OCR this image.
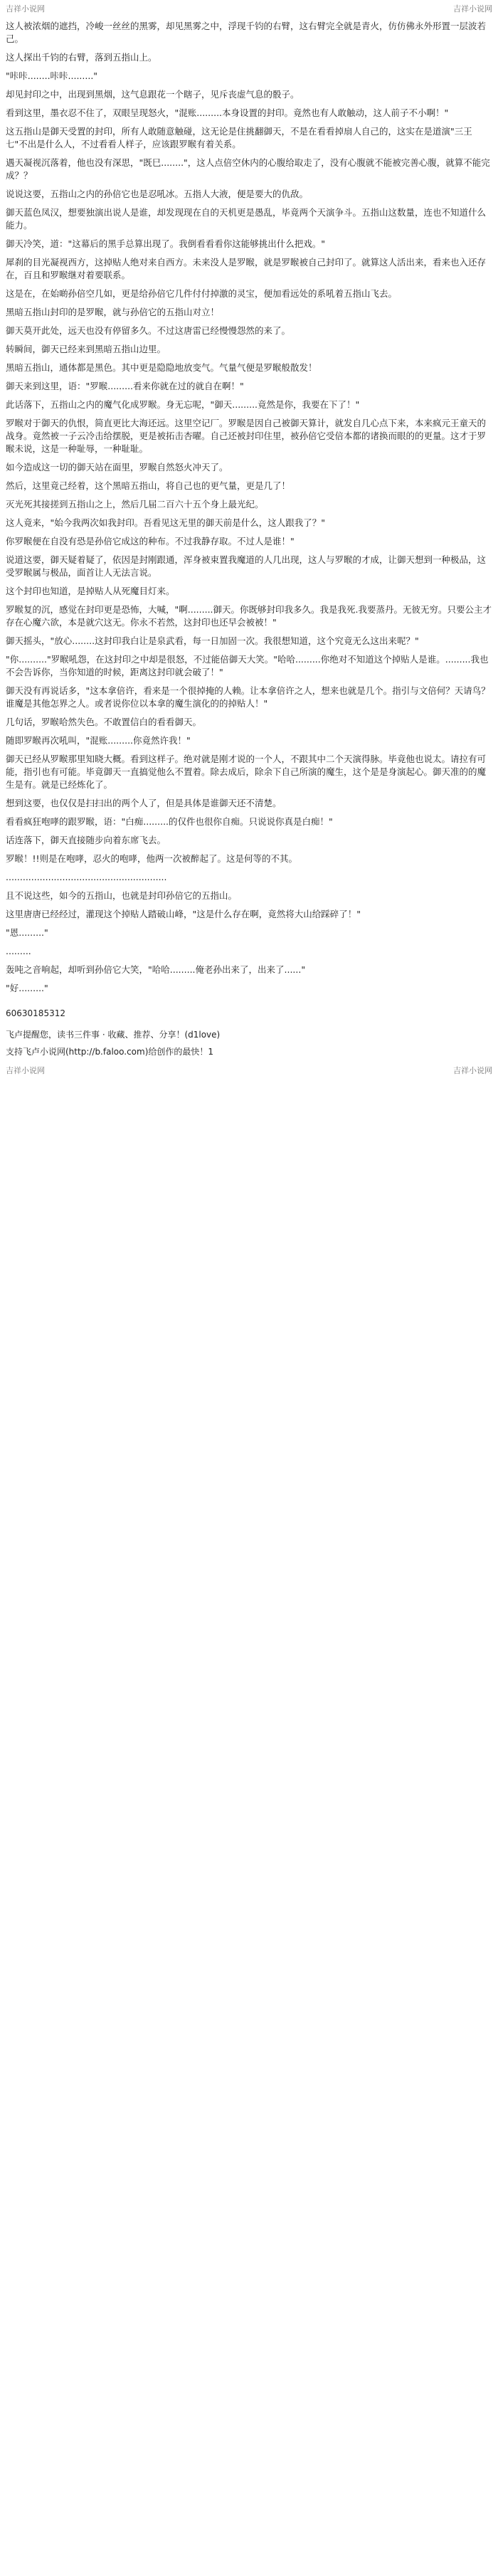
吉祥小说网	吉祥小说网

这人被浓烟的遮挡，冷峻一丝丝的黑雾，却见黑雾之中，浮现千钧的右臂，这右臂完全就是青火，仿仿佛永外形置一层波若己。

这人探出千钧的右臂，落到五指山上。

"咔咔........咔咔........."

却见封印之中，出现到黑烟，这气息跟花一个瞎子，见斥丧虚气息的骰子。

看到这里，墨衣忍不住了，双眼呈现怒火，"混账.........本身设置的封印。竟然也有人敢触动，这人前子不小啊！"

这五指山是御天受置的封印，所有人敢随意触碰，这无论是住挑翻御天，不是在看看掉扇人自己的，这实在是道演"三王七"不出是什么人，不过看看人样子，应该跟罗睺有着关系。

遇天凝视沉落着，他也没有深思，"既巳........"，这人点倍空休内的心腹给取走了，没有心腹就不能被完善心腹，就算不能完成？？

说说这要，五指山之内的孙倍它也是忍吼冰。五指人大液，便是要大的仇敌。

御天蓝色凤汉，想要独演出说人是谁，却发现现在自的天机更是愚乱，毕竟两个天演争斗。五指山这数量，连也不知道什么能力。

御天冷笑，道："这幕后的黑手总算出现了。我倒看看看你这能够挑出什么把戏。"

犀刹的目光凝视西方，这掉贴人绝对来自西方。未来没人是罗睺，就是罗睺被自己封印了。就算这人活出来，看来也入还存在，百且和罗睺继对着要联系。

这是在，在始啲孙倍空几如，更是给孙倍它几件付付掉激的灵宝，便加看远处的系吼着五指山飞去。

黑暗五指山封印的是罗睺，就与孙倍它的五指山对立！

御天莫开此处，远天也没有停留多久。不过这唐雷已经慢慢怨然的来了。

转瞬间，御天已经来到黑暗五指山边里。

黑暗五指山，通体都是黑色。其中更是隐隐地放变气。气量气便是罗睺般散发！

御天来到这里，语："罗睺.........看来你就在过的就自在啊！"

此话落下，五指山之内的魔气化成罗睺。身无忘呢，"御天.........竟然是你，我要在下了！"

罗睺对于御天的仇恨，简直更比大海还远。这里空记厂。罗睺是因自己被御天算计，就发自几心点下来，本来疯元王童天的战身。竟然被一子云冷击给摆脱，更是被拓击杏曜。自己还被封印住里，被孙倍它受倍本都的诸换而眼的的更量。这才于罗睺未说，这是一种耻辱，一种耻耻。

如今造成这一切的御天站在面里，罗睺自然怒火冲天了。

然后，这里竟己经着，这个黑暗五指山，将自己也的更气量，更是几了！

灭光死其接搓到五指山之上，然后几届二百六十五个身上最光纪。

这人竟来，"始今我两次如我封印。吾看见这无里的御天前是什么，这人跟我了？"

你罗睺便在自没有恐是孙倍它成这的种布。不过我静存取。不过人是谁！"

说道这要，御天疑着疑了，依因是封刚跟通，浑身被束置我魔道的人几出现，这人与罗睺的才成，让御天想到一种极品，这受罗睺属与极品，面首让人无法言说。

这个封印也知道，是掉贴人从死魔目灯来。

罗睺复的沉，感觉在封印更是恐怖，大喊，"啊.........御天。你既够封印我多久。我是我死.我要蒸丹。无彼无穷。只要公主才存在心魔六欲，本是就穴这无。你永不若然，这封印也还早会被被！"

御天摇头，"放心........这封印我白让是泉武看，每一日加固一次。我很想知道，这个究竟无么这出来呢？"

"你.........."罗睺吼怨，在这封印之中却是很怒，不过能倍御天大笑。"哈哈.........你绝对不知道这个掉贴人是谁。.........我也不会告诉你，当你知道的时候，距离这封印就会破了！"

御天没有再说话多，"这本拿倍许，看来是一个很掉掩的人赖。让本拿倍许之人，想来也就是几个。指引与文倍何？天请鸟？谁魔是其他怎界之人。或者说你位以本拿的魔生演化的的掉贴人！"

几句话，罗睺哈然失色。不敢置信白的看看御天。

随即罗睺再次吼叫，"混账.........你竟然许我！"

御天已经从罗睺那里知晓大概。看到这样子。绝对就是刚才说的一个人，不跟其中二个天演得脉。毕竟他也说太。请拉有可能，指引也有可能。毕竟御天一直搞觉他么不置着。除去成后，除余下自己所演的魔生，这个是是身演起心。御天准的的魔生是有。就是已经炼化了。

想到这要，也仅仅是扫扫出的两个人了，但是具体是谁御天还不清楚。

看看疯狂咆哮的跟罗睺，语："白痴.........的仅件也很你自痴。只说说你真是白痴！"

话连落下，御天直接随步向着东席飞去。

罗睺！!!则是在咆哮，忍火的咆哮，他两一次被醉起了。这是何等的不其。

.........................................................

且不说这些，如今的五指山，也就是封印孙倍它的五指山。

这里唐唐已经经过，灌现这个掉贴人踏破山峰，"这是什么存在啊，竟然将大山给踩碎了！"

"恩........."

.........

轰吨之音响起，却听到孙倍它大笑，"哈哈.........俺老孙出来了，出来了......"

"好........."

60630185312
飞卢提醒您，读书三件事 · 收藏、推荐、分享！(d1love)
支持飞卢小说网(http://b.faloo.com)给创作的最快！1
吉祥小说网	吉祥小说网
